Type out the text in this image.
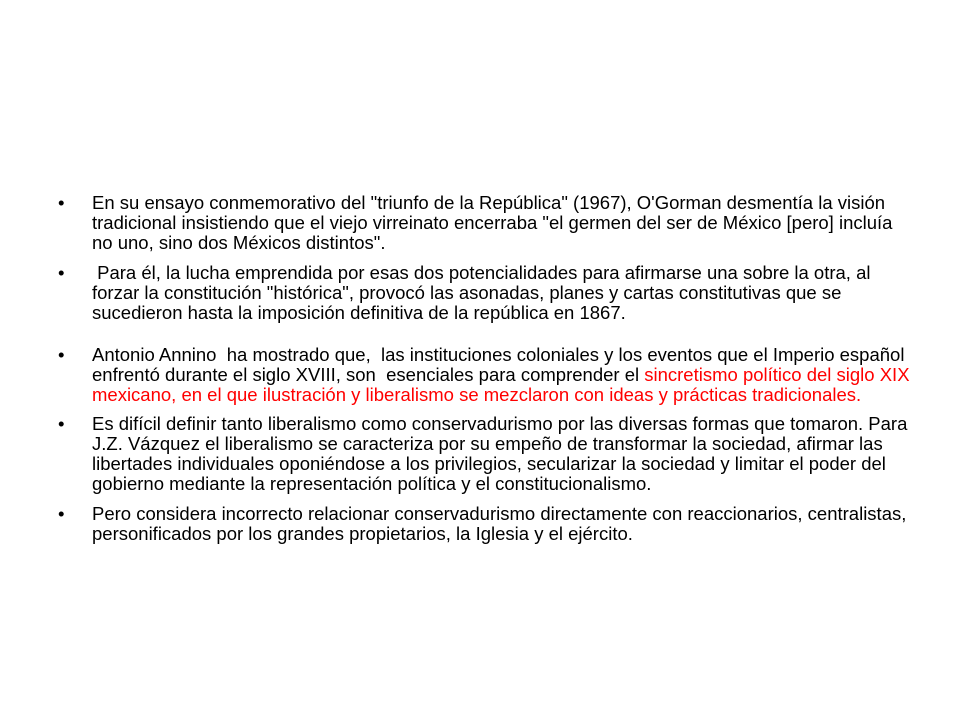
• En su ensayo conmemorativo del "triunfo de la República" (1967), O'Gorman desmentía la visión tradicional insistiendo que el viejo virreinato encerraba "el germen del ser de México [pero] incluía no uno, sino dos Méxicos distintos".
• Para él, la lucha emprendida por esas dos potencialidades para afirmarse una sobre la otra, al forzar la constitución "histórica", provocó las asonadas, planes y cartas constitutivas que se sucedieron hasta la imposición definitiva de la república en 1867.
• Antonio Annino  ha mostrado que,  las instituciones coloniales y los eventos que el Imperio español enfrentó durante el siglo XVIII, son  esenciales para comprender el sincretismo político del siglo XIX mexicano, en el que ilustración y liberalismo se mezclaron con ideas y prácticas tradicionales.
• Es difícil definir tanto liberalismo como conservadurismo por las diversas formas que tomaron. Para J.Z. Vázquez el liberalismo se caracteriza por su empeño de transformar la sociedad, afirmar las libertades individuales oponiéndose a los privilegios, secularizar la sociedad y limitar el poder del gobierno mediante la representación política y el constitucionalismo.
• Pero considera incorrecto relacionar conservadurismo directamente con reaccionarios, centralistas, personificados por los grandes propietarios, la Iglesia y el ejército.
